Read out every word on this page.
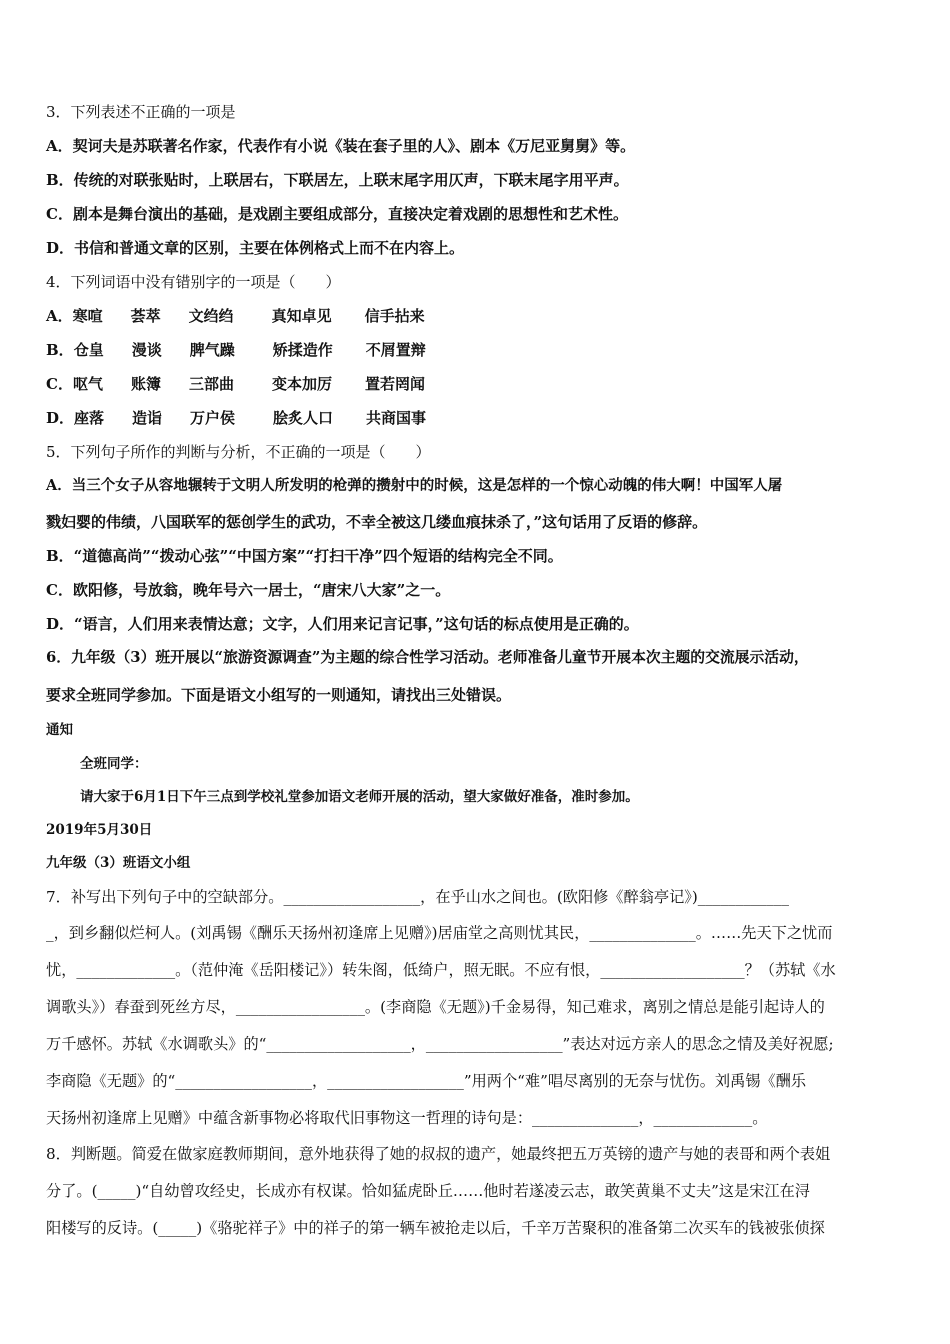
3．下列表述不正确的一项是
A．契诃夫是苏联著名作家，代表作有小说《装在套子里的人》、剧本《万尼亚舅舅》等。
B．传统的对联张贴时，上联居右，下联居左，上联末尾字用仄声，下联末尾字用平声。
C．剧本是舞台演出的基础，是戏剧主要组成部分，直接决定着戏剧的思想性和艺术性。
D．书信和普通文章的区别，主要在体例格式上而不在内容上。
4．下列词语中没有错别字的一项是（　　）
A．寒喧 荟萃 文绉绉	真知卓见 信手拈来
B．仓皇 漫谈 脾气躁	矫揉造作 不屑置辩
C．呕气 账簿 三部曲	变本加厉 置若罔闻
D．座落 造诣 万户侯	脍炙人口 共商国事
5．下列句子所作的判断与分析，不正确的一项是（　　）
A．当三个女子从容地辗转于文明人所发明的枪弹的攒射中的时候，这是怎样的一个惊心动魄的伟大啊！中国军人屠
戮妇婴的伟绩，八国联军的惩创学生的武功，不幸全被这几缕血痕抹杀了，”这句话用了反语的修辞。
B．“道德高尚”“拨动心弦”“中国方案”“打扫干净”四个短语的结构完全不同。
C．欧阳修，号放翁，晚年号六一居士，“唐宋八大家”之一。
D．“语言，人们用来表情达意；文字，人们用来记言记事，”这句话的标点使用是正确的。
6．九年级（3）班开展以“旅游资源调查”为主题的综合性学习活动。老师准备儿童节开展本次主题的交流展示活动，
要求全班同学参加。下面是语文小组写的一则通知，请找出三处错误。
通知
全班同学：
请大家于6月1日下午三点到学校礼堂参加语文老师开展的活动，望大家做好准备，准时参加。
2019年5月30日
九年级（3）班语文小组
7．补写出下列句子中的空缺部分。__________________，在乎山水之间也。(欧阳修《醉翁亭记》)____________
_，到乡翻似烂柯人。(刘禹锡《酬乐天扬州初逢席上见赠》)居庙堂之高则忧其民，______________。……先天下之忧而
忧，_____________。（范仲淹《岳阳楼记》）转朱阁，低绮户，照无眠。不应有恨，___________________？（苏轼《水
调歌头》）春蚕到死丝方尽，_________________。(李商隐《无题》)千金易得，知己难求，离别之情总是能引起诗人的
万千感怀。苏轼《水调歌头》的“___________________，__________________”表达对远方亲人的思念之情及美好祝愿;
李商隐《无题》的“__________________，__________________”用两个“难”唱尽离别的无奈与忧伤。刘禹锡《酬乐
天扬州初逢席上见赠》中蕴含新事物必将取代旧事物这一哲理的诗句是：______________，_____________。
8．判断题。简爱在做家庭教师期间，意外地获得了她的叔叔的遗产，她最终把五万英镑的遗产与她的表哥和两个表姐
分了。(_____)“自幼曾攻经史，长成亦有权谋。恰如猛虎卧丘……他时若遂凌云志，敢笑黄巢不丈夫”这是宋江在浔
阳楼写的反诗。(_____)《骆驼祥子》中的祥子的第一辆车被抢走以后，千辛万苦聚积的准备第二次买车的钱被张侦探
